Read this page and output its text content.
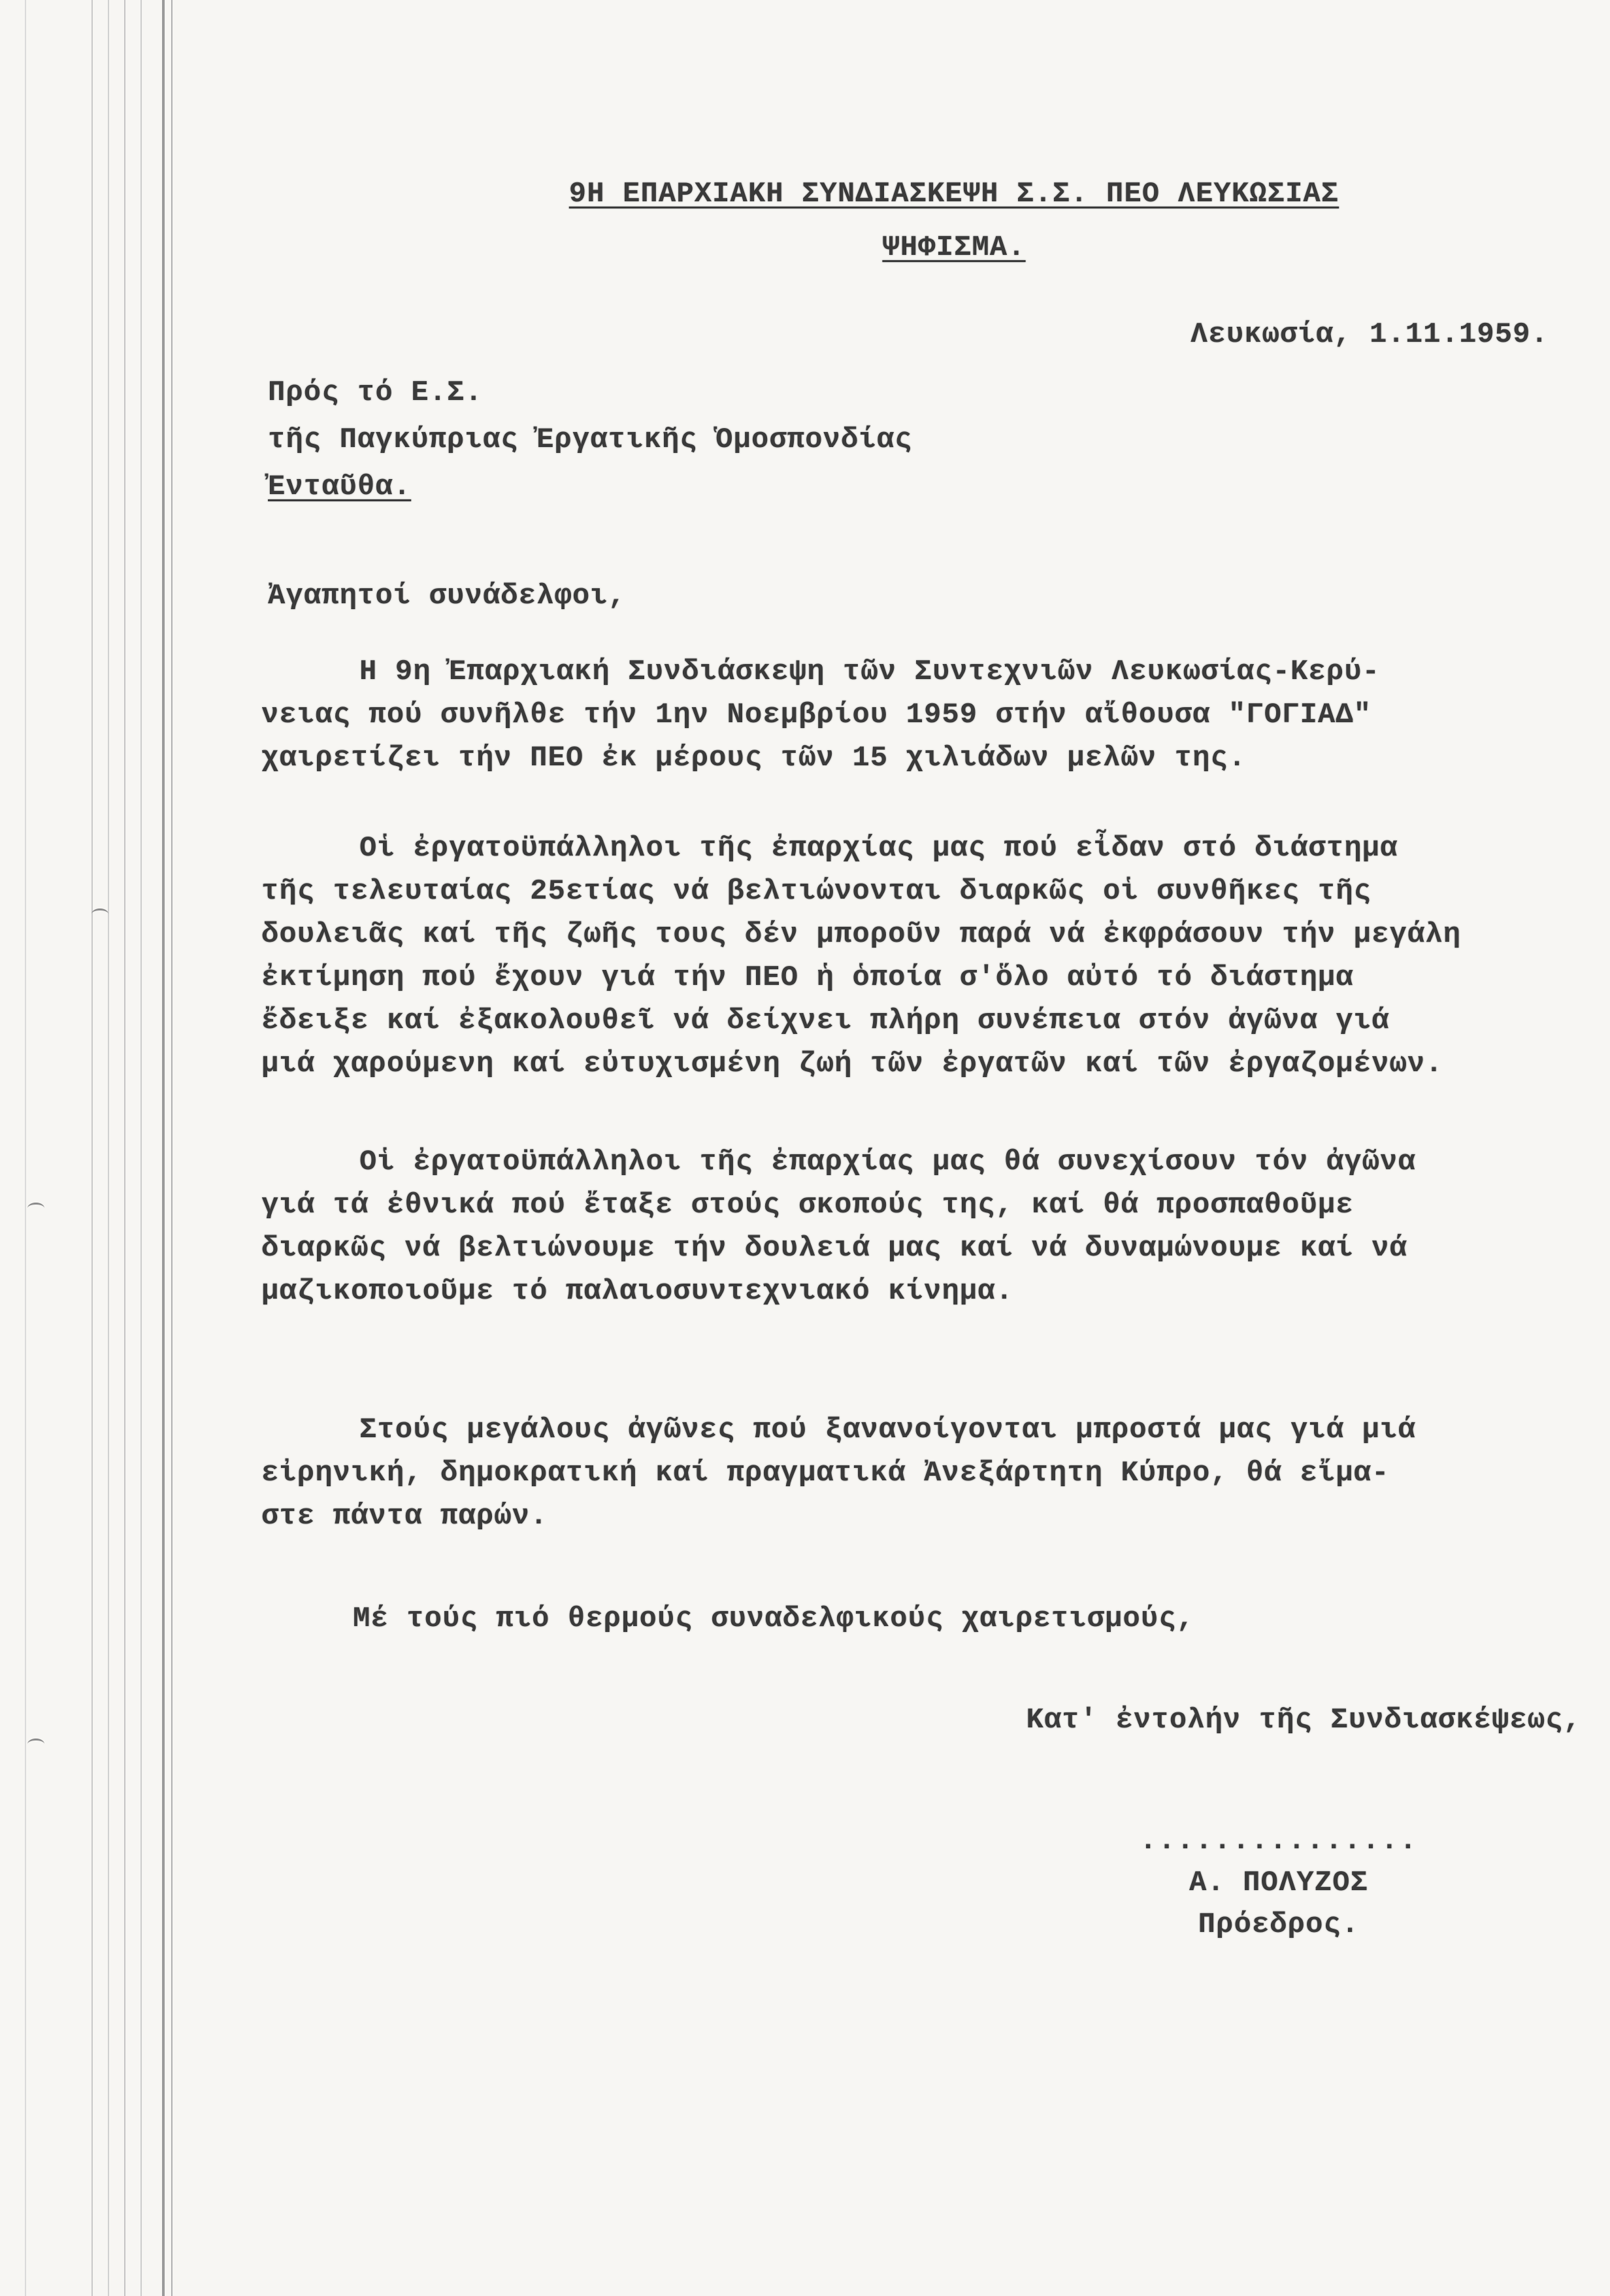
9Η ΕΠΑΡΧΙΑΚΗ ΣΥΝΔΙΑΣΚΕΨΗ Σ.Σ. ΠΕΟ ΛΕΥΚΩΣΙΑΣ
ΨΗΦΙΣΜΑ.
Λευκωσία, 1.11.1959.
Πρός τό Ε.Σ.
τῆς Παγκύπριας Ἐργατικῆς Ὁμοσπονδίας
Ἐνταῦθα.
Ἀγαπητοί συνάδελφοι,
Η 9η Ἐπαρχιακή Συνδιάσκεψη τῶν Συντεχνιῶν Λευκωσίας-Κερύ-
νειας πού συνῆλθε τήν 1ην Νοεμβρίου 1959 στήν αἴθουσα "ΓΟΓΙΑΔ"
χαιρετίζει τήν ΠΕΟ ἐκ μέρους τῶν 15 χιλιάδων μελῶν της.
Οἱ ἐργατοϋπάλληλοι τῆς ἐπαρχίας μας πού εἶδαν στό διάστημα
τῆς τελευταίας 25ετίας νά βελτιώνονται διαρκῶς οἱ συνθῆκες τῆς
δουλειᾶς καί τῆς ζωῆς τους δέν μποροῦν παρά νά ἐκφράσουν τήν μεγάλη
ἐκτίμηση πού ἔχουν γιά τήν ΠΕΟ ἡ ὁποία σ'ὅλο αὐτό τό διάστημα
ἔδειξε καί ἐξακολουθεῖ νά δείχνει πλήρη συνέπεια στόν ἀγῶνα γιά
μιά χαρούμενη καί εὐτυχισμένη ζωή τῶν ἐργατῶν καί τῶν ἐργαζομένων.
Οἱ ἐργατοϋπάλληλοι τῆς ἐπαρχίας μας θά συνεχίσουν τόν ἀγῶνα
γιά τά ἐθνικά πού ἔταξε στούς σκοπούς της, καί θά προσπαθοῦμε
διαρκῶς νά βελτιώνουμε τήν δουλειά μας καί νά δυναμώνουμε καί νά
μαζικοποιοῦμε τό παλαιοσυντεχνιακό κίνημα.
Στούς μεγάλους ἀγῶνες πού ξανανοίγονται μπροστά μας γιά μιά
εἰρηνική, δημοκρατική καί πραγματικά Ἀνεξάρτητη Κύπρο, θά εἴμα-
στε πάντα παρών.
Μέ τούς πιό θερμούς συναδελφικούς χαιρετισμούς,
Κατ' ἐντολήν τῆς Συνδιασκέψεως,
...............
Α. ΠΟΛΥΖΟΣ
Πρόεδρος.
